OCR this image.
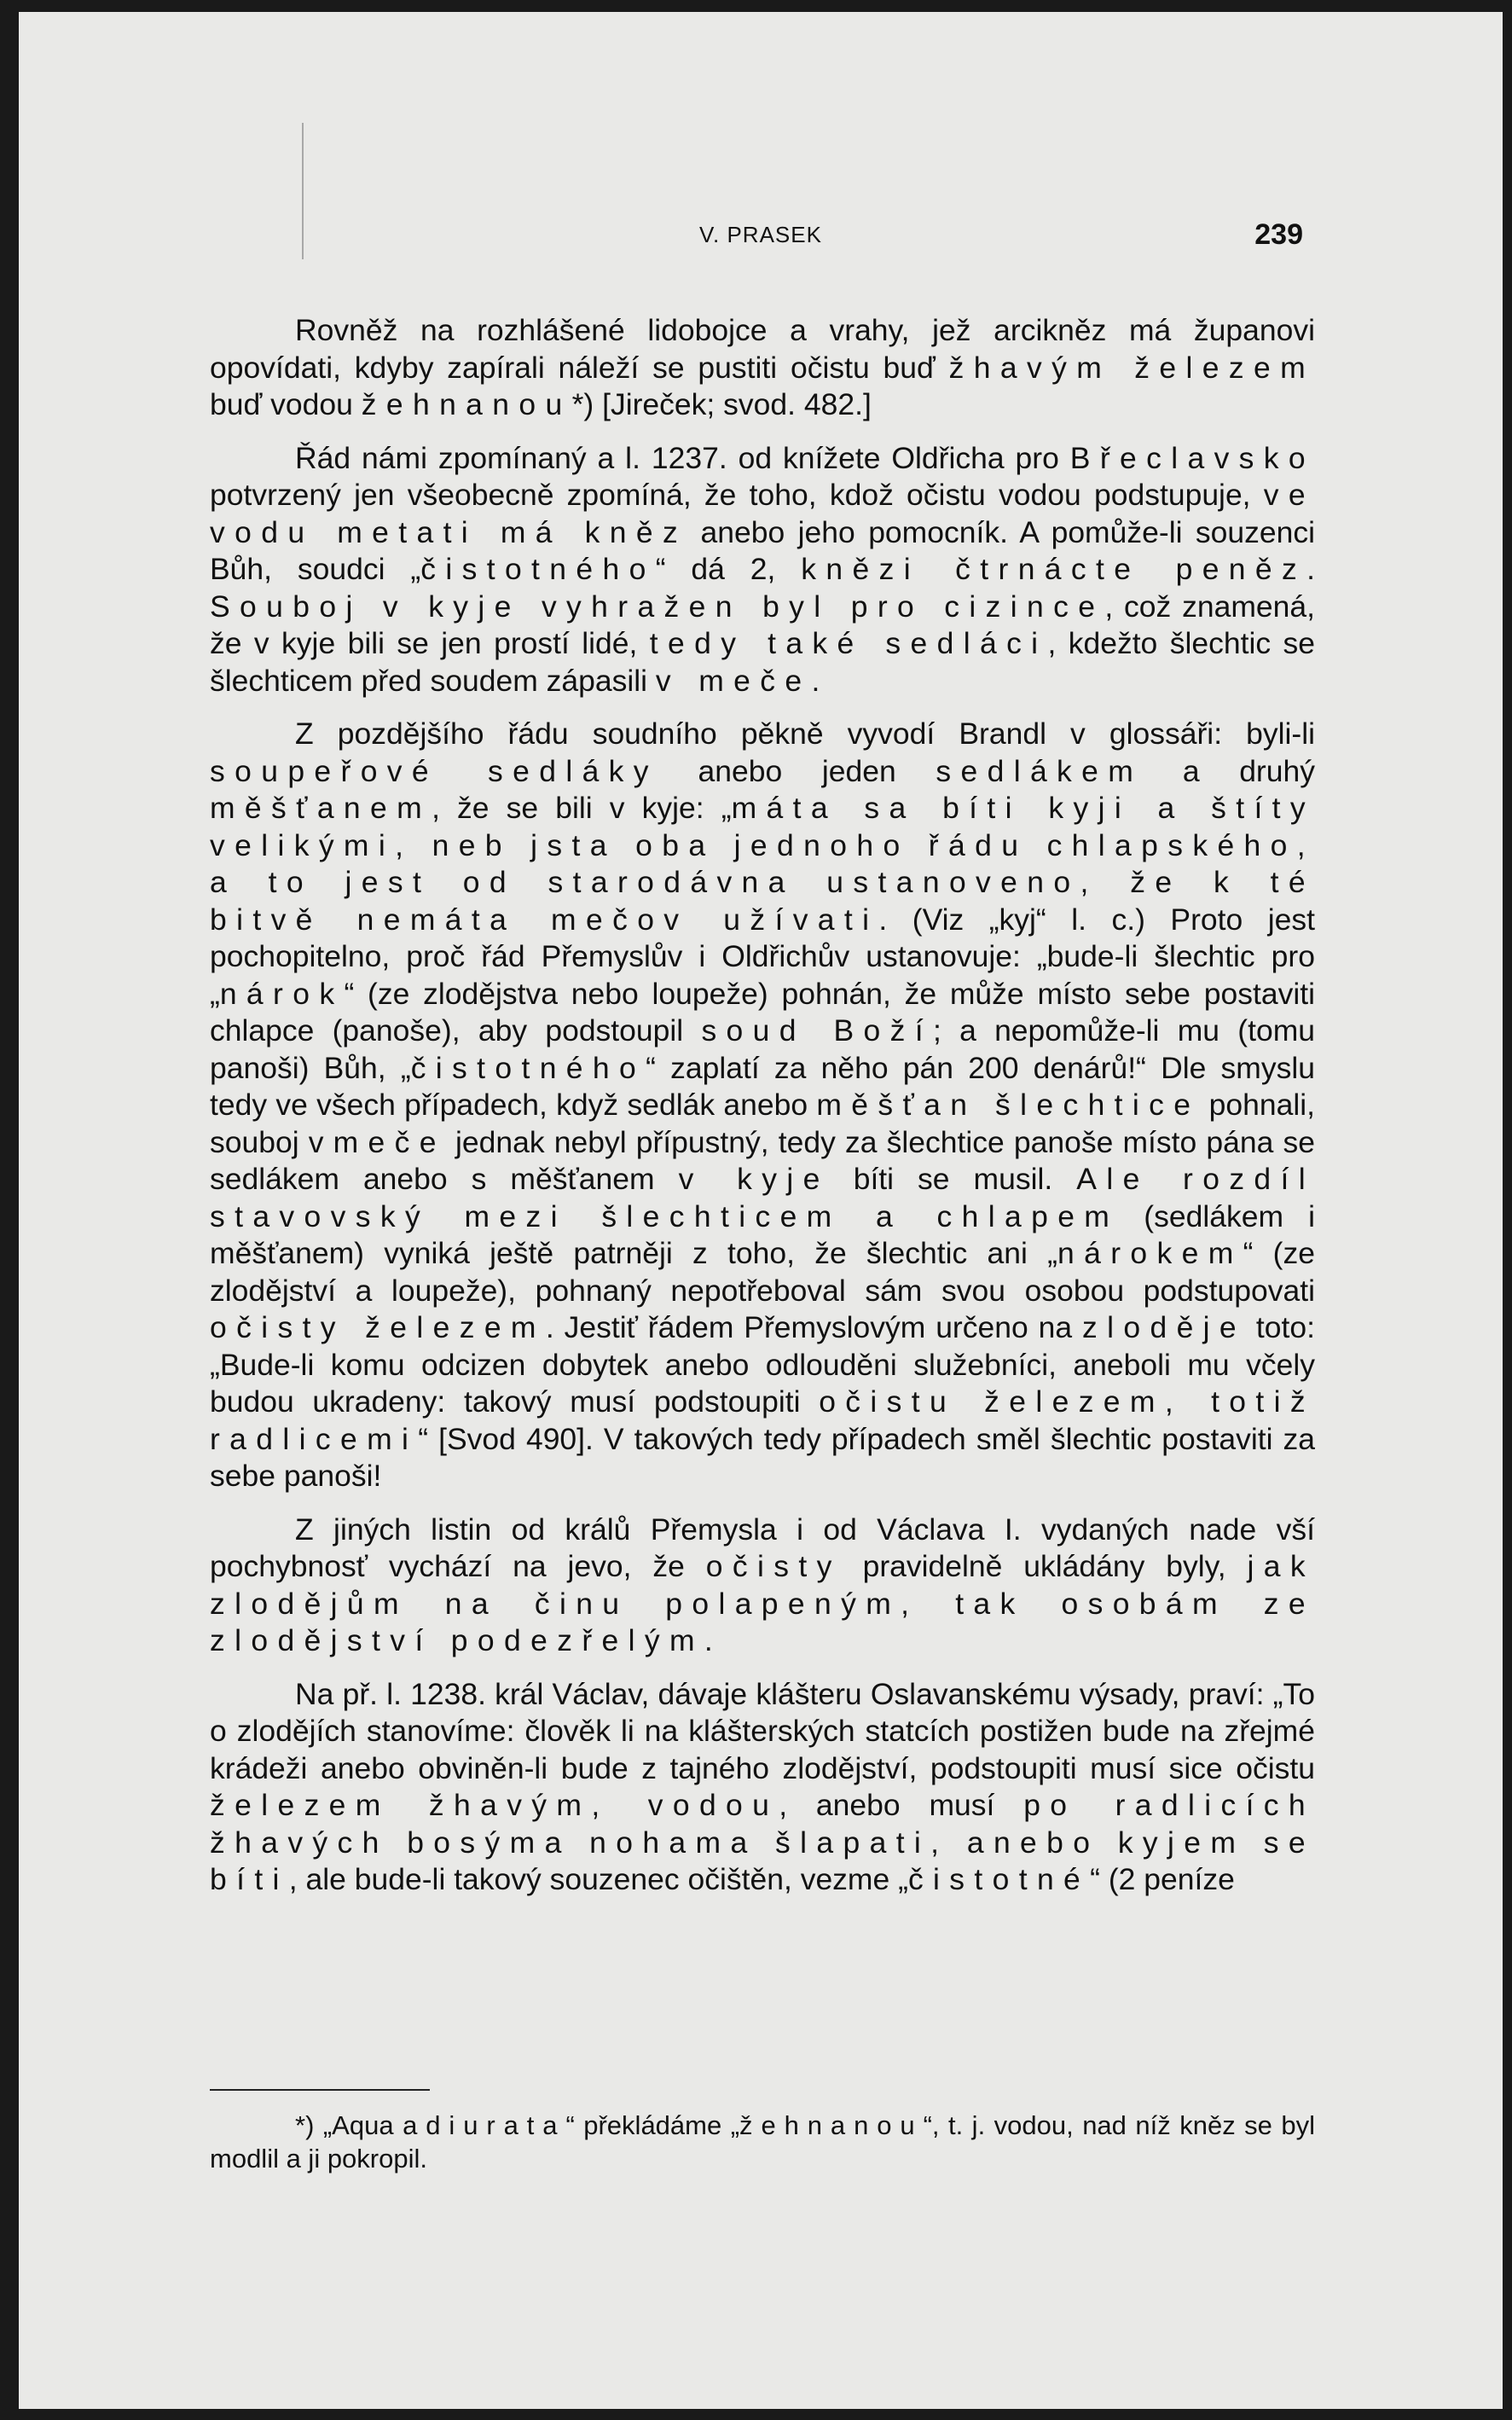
V. PRASEK	239

Rovněž na rozhlášené lidobojce a vrahy, jež arcikněz má županovi opovídati, kdyby zapírali náleží se pustiti očistu buď žhavým železem buď vodou žehnanou*) [Jireček; svod. 482.]

Řád námi zpomínaný a l. 1237. od knížete Oldřicha pro Břeclavsko potvrzený jen všeobecně zpomíná, že toho, kdož očistu vodou podstupuje, ve vodu metati má kněz anebo jeho pomocník. A pomůže-li souzenci Bůh, soudci „čistotného“ dá 2, knězi čtrnácte peněz. Souboj v kyje vyhražen byl pro cizince, což znamená, že v kyje bili se jen prostí lidé, tedy také sedláci, kdežto šlechtic se šlechticem před soudem zápasili v meče.

Z pozdějšího řádu soudního pěkně vyvodí Brandl v glossáři: byli-li soupeřové sedláky anebo jeden sedlákem a druhý měšťanem, že se bili v kyje: „máta sa bíti kyji a štíty velikými, neb jsta oba jednoho řádu chlapského, a to jest od starodávna ustanoveno, že k té bitvě nemáta mečov užívati. (Viz „kyj“ l. c.) Proto jest pochopitelno, proč řád Přemyslův i Oldřichův ustanovuje: „bude-li šlechtic pro „nárok“ (ze zlodějstva nebo loupeže) pohnán, že může místo sebe postaviti chlapce (panoše), aby podstoupil soud Boží; a nepomůže-li mu (tomu panoši) Bůh, „čistotného“ zaplatí za něho pán 200 denárů!“ Dle smyslu tedy ve všech případech, když sedlák anebo měšťan šlechtice pohnali, souboj v meče jednak nebyl přípustný, tedy za šlechtice panoše místo pána se sedlákem anebo s měšťanem v kyje bíti se musil. Ale rozdíl stavovský mezi šlechticem a chlapem (sedlákem i měšťanem) vyniká ještě patrněji z toho, že šlechtic ani „nárokem“ (ze zlodějství a loupeže), pohnaný nepotřeboval sám svou osobou podstupovati očisty železem. Jestiť řádem Přemyslovým určeno na zloděje toto: „Bude-li komu odcizen dobytek anebo odlouděni služebníci, aneboli mu včely budou ukradeny: takový musí podstoupiti očistu železem, totiž radlicemi“ [Svod 490]. V takových tedy případech směl šlechtic postaviti za sebe panoši!

Z jiných listin od králů Přemysla i od Václava I. vydaných nade vší pochybnosť vychází na jevo, že očisty pravidelně ukládány byly, jak zlodějům na činu polapeným, tak osobám ze zlodějství podezřelým.

Na př. l. 1238. král Václav, dávaje klášteru Oslavanskému výsady, praví: „To o zlodějích stanovíme: člověk li na klášterských statcích postižen bude na zřejmé krádeži anebo obviněn-li bude z tajného zlodějství, podstoupiti musí sice očistu železem žhavým, vodou, anebo musí po radlicích žhavých bosýma nohama šlapati, anebo kyjem se bíti, ale bude-li takový souzenec očištěn, vezme „čistotné“ (2 peníze

*) „Aqua adiurata“ překládáme „žehnanou“, t. j. vodou, nad níž kněz se byl modlil a ji pokropil.
